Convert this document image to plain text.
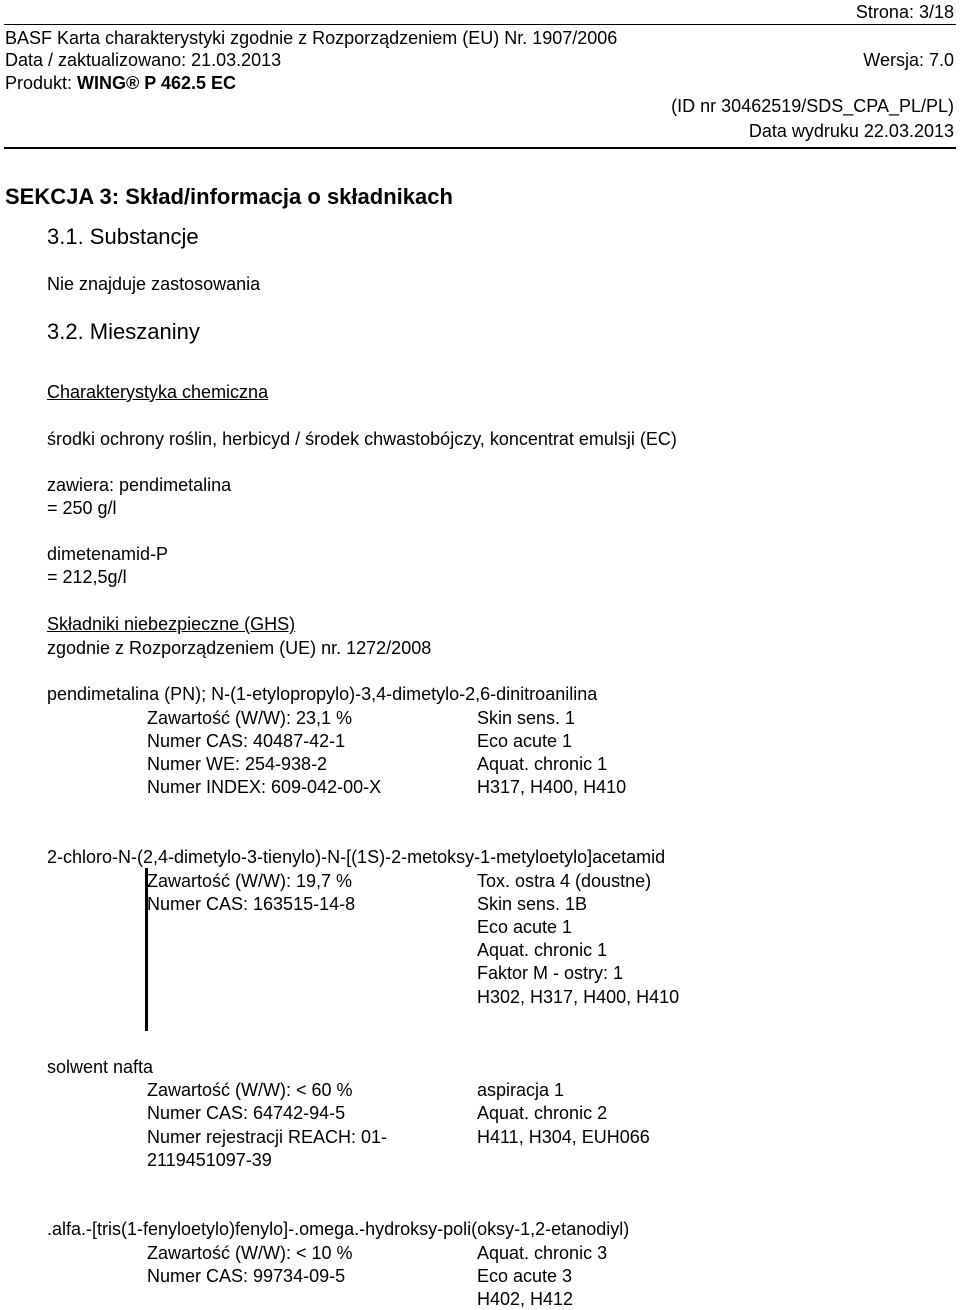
Strona: 3/18
BASF Karta charakterystyki zgodnie z Rozporządzeniem (EU) Nr. 1907/2006
Data / zaktualizowano: 21.03.2013	Wersja: 7.0
Produkt: WING® P 462.5 EC
(ID nr 30462519/SDS_CPA_PL/PL)
Data wydruku 22.03.2013
SEKCJA 3: Skład/informacja o składnikach
3.1. Substancje
Nie znajduje zastosowania
3.2. Mieszaniny
Charakterystyka chemiczna
środki ochrony roślin, herbicyd / środek chwastobójczy, koncentrat emulsji (EC)
zawiera: pendimetalina
= 250 g/l
dimetenamid-P
= 212,5g/l
Składniki niebezpieczne (GHS)
zgodnie z Rozporządzeniem (UE) nr. 1272/2008
pendimetalina (PN); N-(1-etylopropylo)-3,4-dimetylo-2,6-dinitroanilina
Zawartość (W/W): 23,1 %
Numer CAS: 40487-42-1
Numer WE: 254-938-2
Numer INDEX: 609-042-00-X
Skin sens. 1
Eco acute 1
Aquat. chronic 1
H317, H400, H410
2-chloro-N-(2,4-dimetylo-3-tienylo)-N-[(1S)-2-metoksy-1-metyloetylo]acetamid
Zawartość (W/W): 19,7 %
Numer CAS: 163515-14-8
Tox. ostra 4 (doustne)
Skin sens. 1B
Eco acute 1
Aquat. chronic 1
Faktor M - ostry: 1
H302, H317, H400, H410
solwent nafta
Zawartość (W/W): < 60 %
Numer CAS: 64742-94-5
Numer rejestracji REACH: 01-
2119451097-39
aspiracja 1
Aquat. chronic 2
H411, H304, EUH066
.alfa.-[tris(1-fenyloetylo)fenylo]-.omega.-hydroksy-poli(oksy-1,2-etanodiyl)
Zawartość (W/W): < 10 %
Numer CAS: 99734-09-5
Aquat. chronic 3
Eco acute 3
H402, H412
